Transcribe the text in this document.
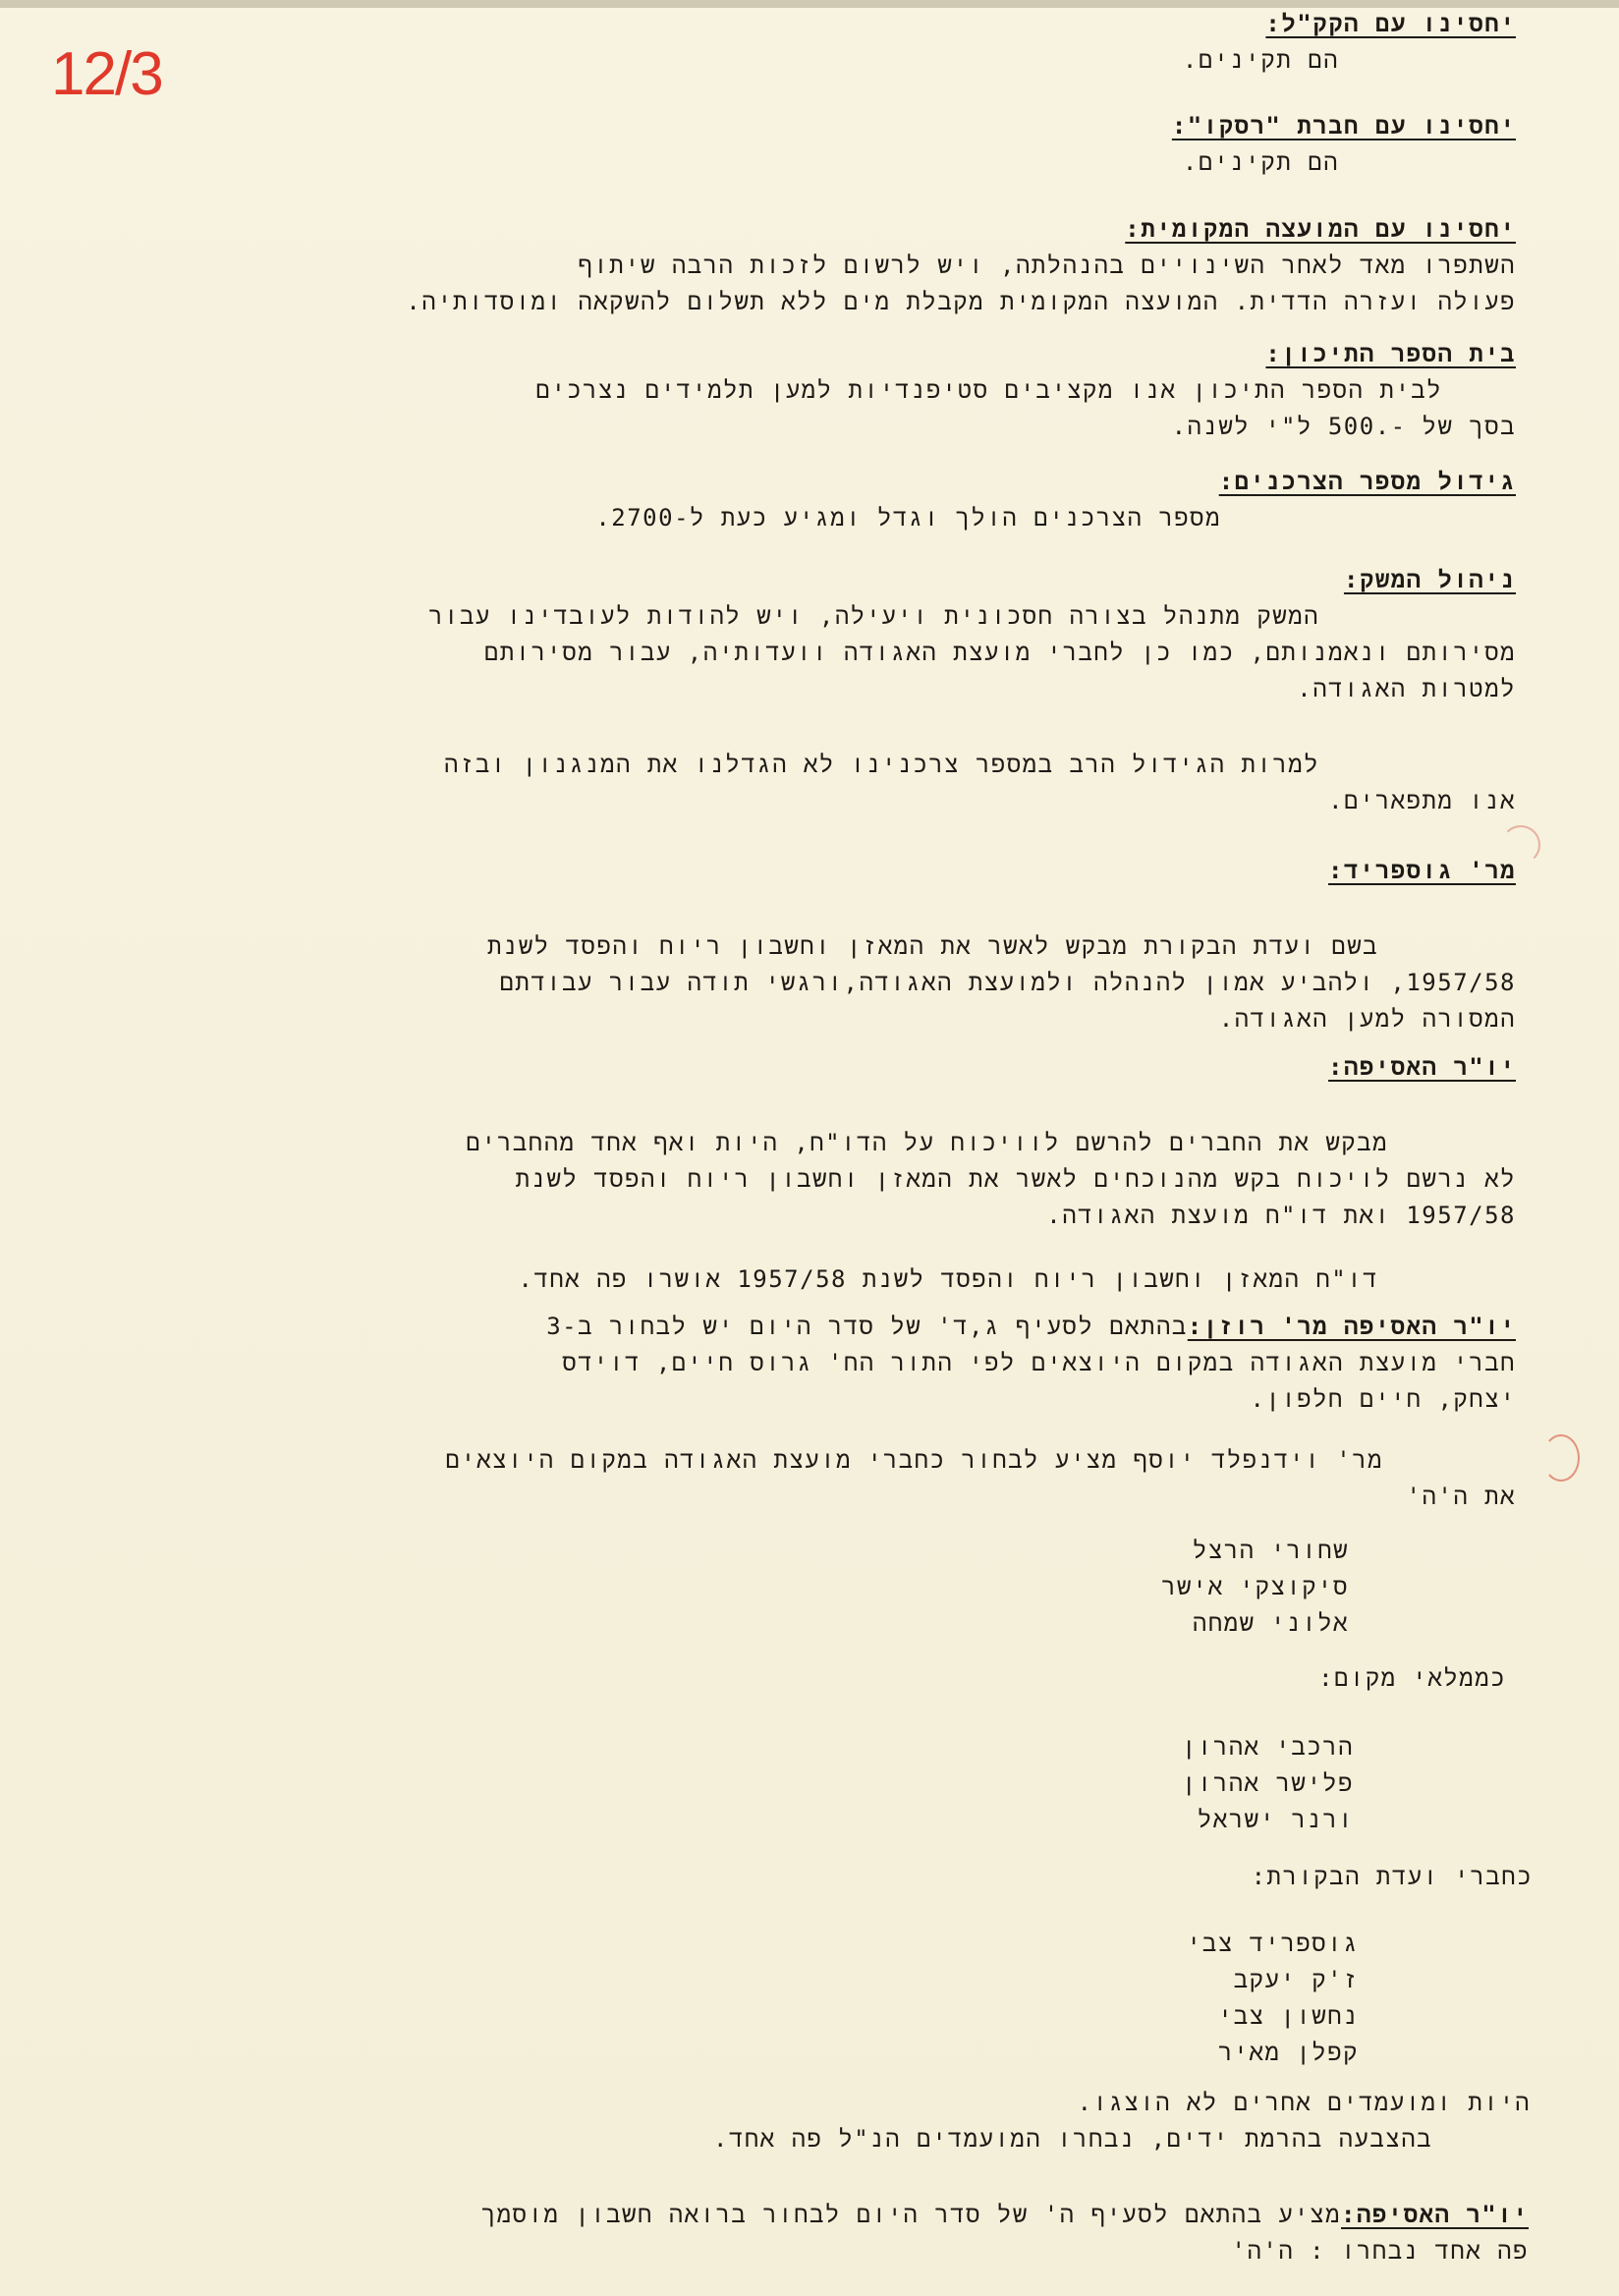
12/3
יחסינו עם הקק"ל:
הם תקינים.
יחסינו עם חברת "רסקו":
הם תקינים.
יחסינו עם המועצה המקומית:
השתפרו מאד לאחר השינויים בהנהלתה, ויש לרשום לזכות הרבה שיתוף
פעולה ועזרה הדדית. המועצה המקומית מקבלת מים ללא תשלום להשקאה ומוסדותיה.
בית הספר התיכון:
לבית הספר התיכון אנו מקציבים סטיפנדיות למען תלמידים נצרכים
בסך של -.500 ל"י לשנה.
גידול מספר הצרכנים:
מספר הצרכנים הולך וגדל ומגיע כעת ל-2700.
ניהול המשק:
המשק מתנהל בצורה חסכונית ויעילה, ויש להודות לעובדינו עבור
מסירותם ונאמנותם, כמו כן לחברי מועצת האגודה וועדותיה, עבור מסירותם
למטרות האגודה.
למרות הגידול הרב במספר צרכנינו לא הגדלנו את המנגנון ובזה
אנו מתפארים.
מר' גוספריד:
בשם ועדת הבקורת מבקש לאשר את המאזן וחשבון ריוח והפסד לשנת
1957/58, ולהביע אמון להנהלה ולמועצת האגודה,ורגשי תודה עבור עבודתם
המסורה למען האגודה.
יו"ר האסיפה:
מבקש את החברים להרשם לוויכוח על הדו"ח, היות ואף אחד מהחברים
לא נרשם לויכוח בקש מהנוכחים לאשר את המאזן וחשבון ריוח והפסד לשנת
1957/58 ואת דו"ח מועצת האגודה.
דו"ח המאזן וחשבון ריוח והפסד לשנת 1957/58 אושרו פה אחד.
יו"ר האסיפה מר' רוזן:בהתאם לסעיף ג,ד' של סדר היום יש לבחור ב-3
חברי מועצת האגודה במקום היוצאים לפי התור הח' גרוס חיים, דוידס
יצחק, חיים חלפון.
מר' וידנפלד יוסף מציע לבחור כחברי מועצת האגודה במקום היוצאים
את ה'ה'
שחורי הרצל
סיקוצקי אישר
אלוני שמחה
כממלאי מקום:
הרכבי אהרון
פלישר אהרון
ורנר ישראל
כחברי ועדת הבקורת:
גוספריד צבי
ז'ק יעקב
נחשון צבי
קפלן מאיר
היות ומועמדים אחרים לא הוצגו.
בהצבעה בהרמת ידים, נבחרו המועמדים הנ"ל פה אחד.
יו"ר האסיפה:מציע בהתאם לסעיף ה' של סדר היום לבחור ברואה חשבון מוסמך
פה אחד נבחרו : ה'ה'
